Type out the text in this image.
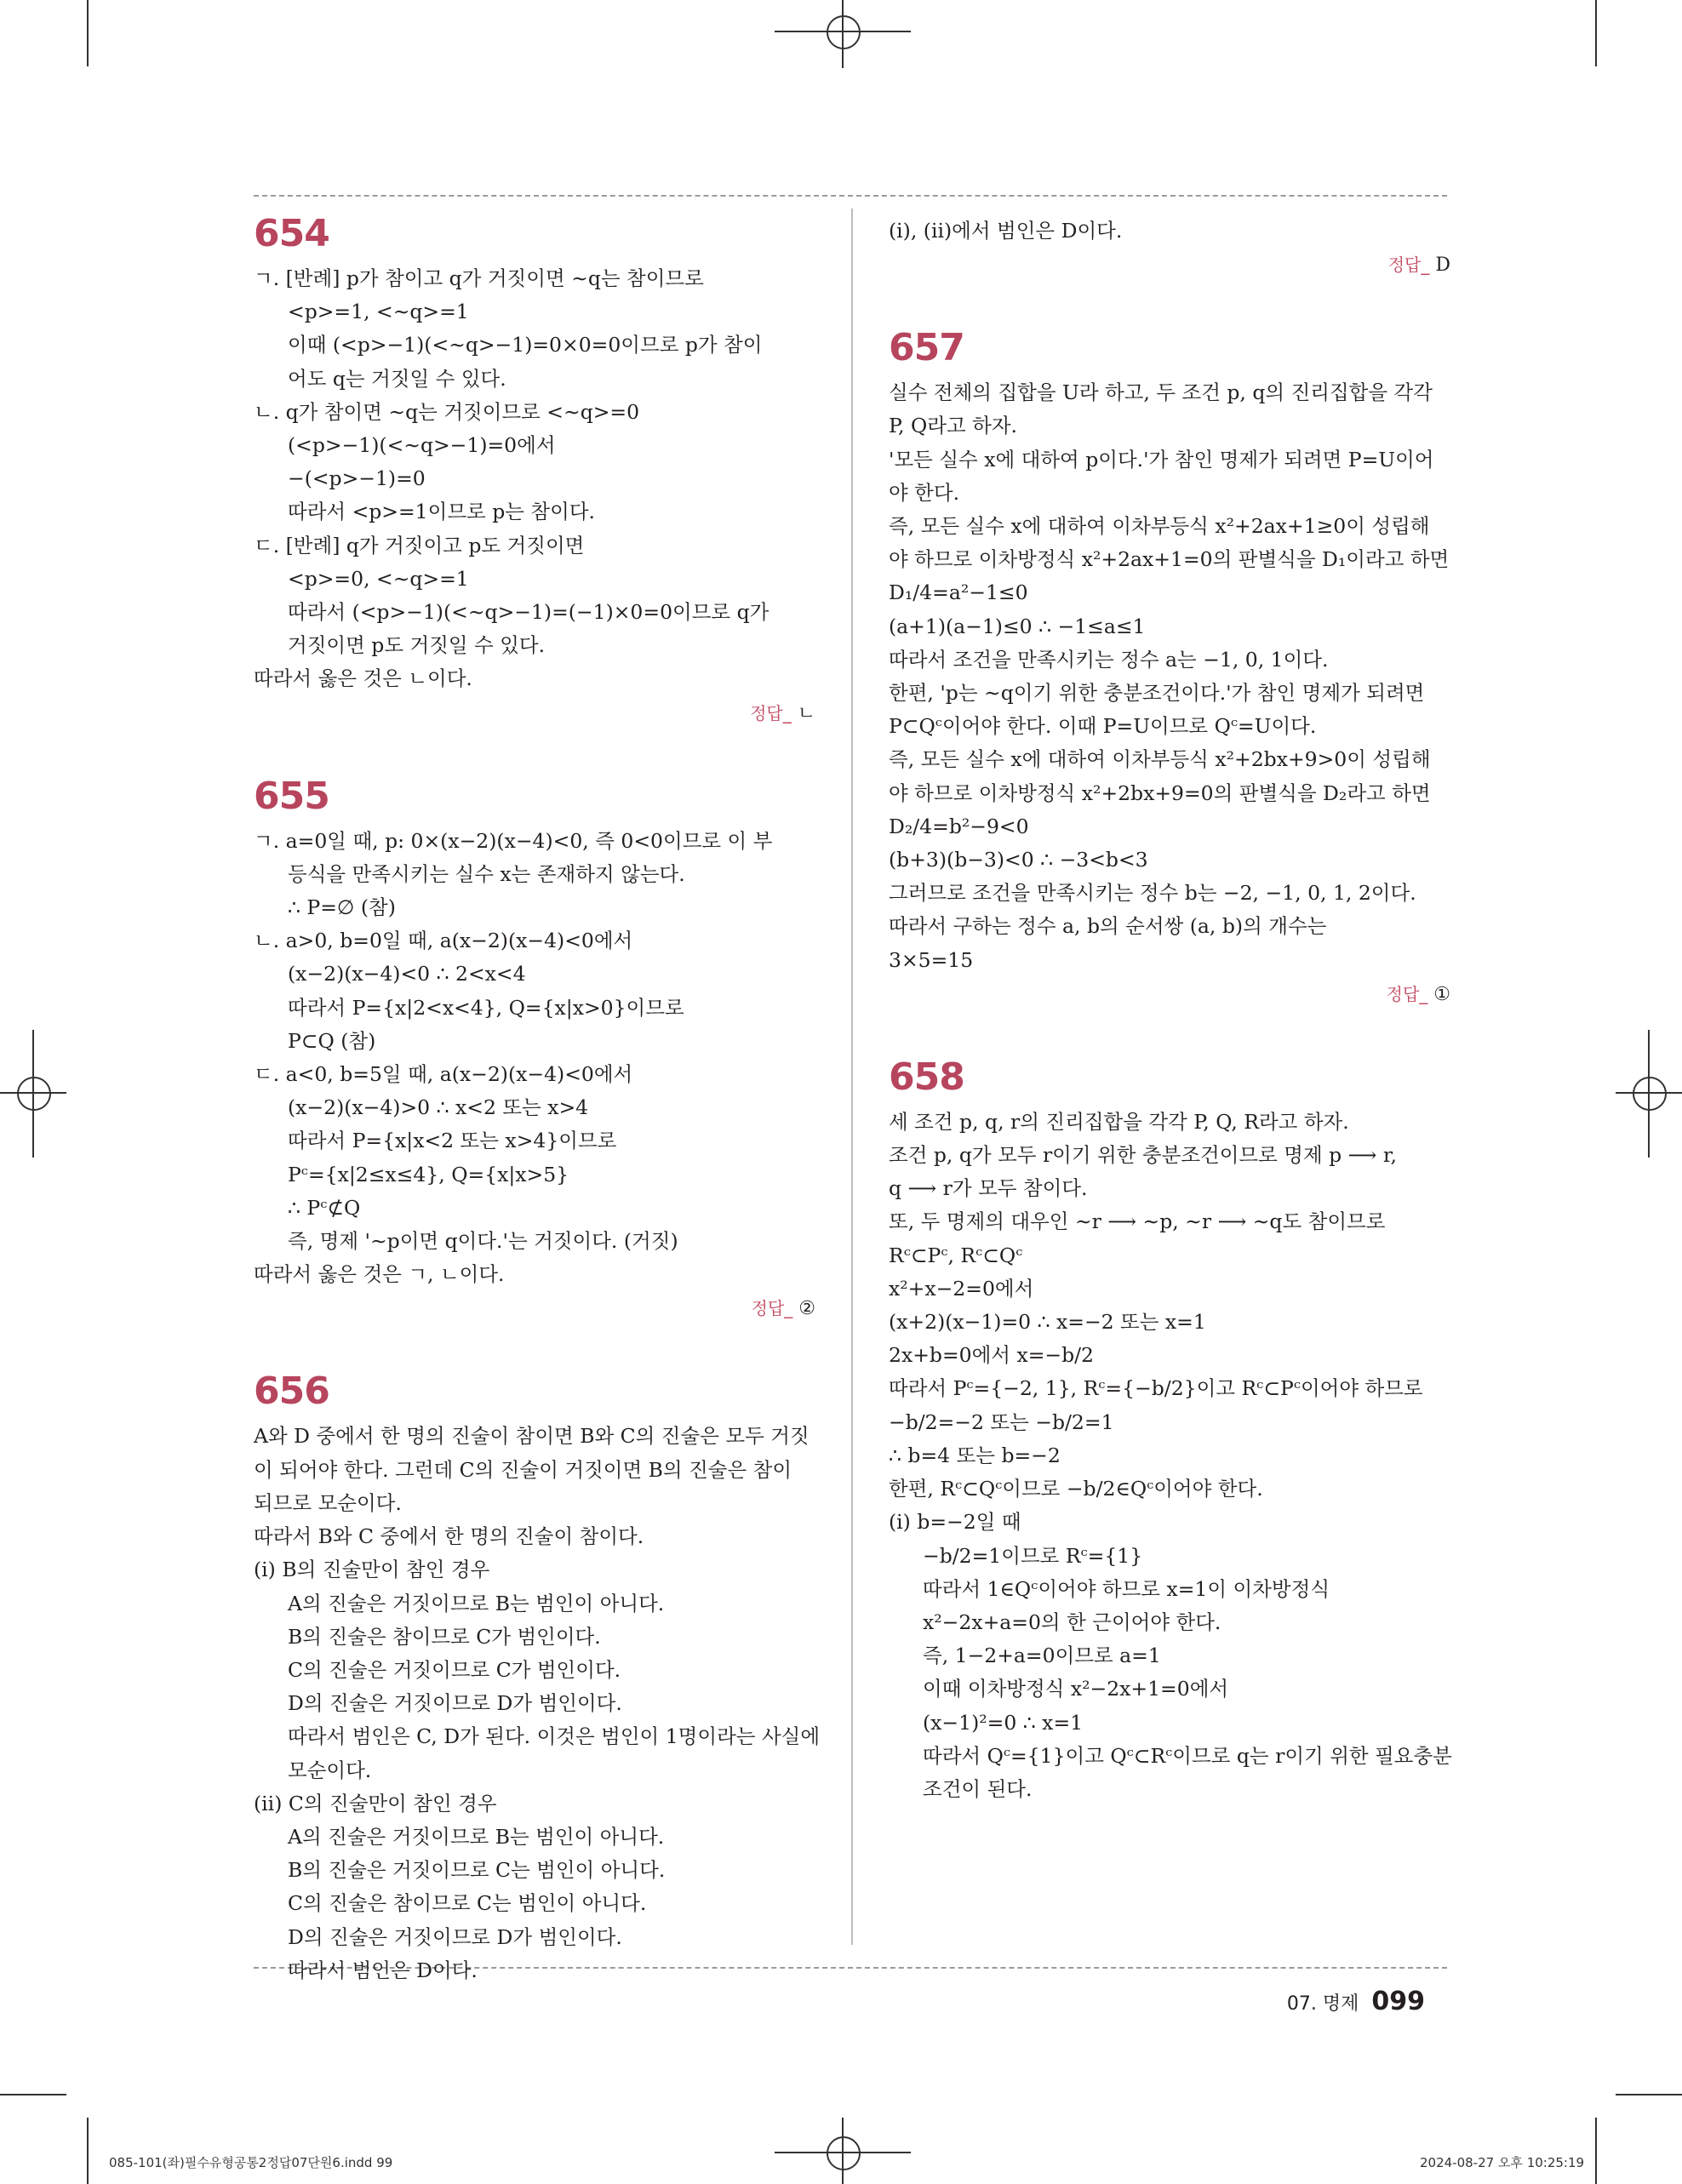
654

ㄱ. [반례] p가 참이고 q가 거짓이면 ∼q는 참이므로

<p>=1, <∼q>=1

이때 (<p>−1)(<∼q>−1)=0×0=0이므로 p가 참이

어도 q는 거짓일 수 있다.

ㄴ. q가 참이면 ∼q는 거짓이므로 <∼q>=0

(<p>−1)(<∼q>−1)=0에서

−(<p>−1)=0

따라서 <p>=1이므로 p는 참이다.

ㄷ. [반례] q가 거짓이고 p도 거짓이면

<p>=0, <∼q>=1

따라서 (<p>−1)(<∼q>−1)=(−1)×0=0이므로 q가

거짓이면 p도 거짓일 수 있다.

따라서 옳은 것은 ㄴ이다.

정답_ ㄴ
655

ㄱ. a=0일 때, p: 0×(x−2)(x−4)<0, 즉 0<0이므로 이 부

등식을 만족시키는 실수 x는 존재하지 않는다.

∴ P=∅ (참)

ㄴ. a>0, b=0일 때, a(x−2)(x−4)<0에서

(x−2)(x−4)<0 ∴ 2<x<4

따라서 P={x|2<x<4}, Q={x|x>0}이므로

P⊂Q (참)

ㄷ. a<0, b=5일 때, a(x−2)(x−4)<0에서

(x−2)(x−4)>0 ∴ x<2 또는 x>4

따라서 P={x|x<2 또는 x>4}이므로

Pᶜ={x|2≤x≤4}, Q={x|x>5}

∴ Pᶜ⊄Q

즉, 명제 '∼p이면 q이다.'는 거짓이다. (거짓)

따라서 옳은 것은 ㄱ, ㄴ이다.

정답_ ②
656

A와 D 중에서 한 명의 진술이 참이면 B와 C의 진술은 모두 거짓

이 되어야 한다. 그런데 C의 진술이 거짓이면 B의 진술은 참이

되므로 모순이다.

따라서 B와 C 중에서 한 명의 진술이 참이다.

(ⅰ) B의 진술만이 참인 경우

A의 진술은 거짓이므로 B는 범인이 아니다.

B의 진술은 참이므로 C가 범인이다.

C의 진술은 거짓이므로 C가 범인이다.

D의 진술은 거짓이므로 D가 범인이다.

따라서 범인은 C, D가 된다. 이것은 범인이 1명이라는 사실에

모순이다.

(ⅱ) C의 진술만이 참인 경우

A의 진술은 거짓이므로 B는 범인이 아니다.

B의 진술은 거짓이므로 C는 범인이 아니다.

C의 진술은 참이므로 C는 범인이 아니다.

D의 진술은 거짓이므로 D가 범인이다.

따라서 범인은 D이다.

(ⅰ), (ⅱ)에서 범인은 D이다.

정답_ D
657

실수 전체의 집합을 U라 하고, 두 조건 p, q의 진리집합을 각각

P, Q라고 하자.

'모든 실수 x에 대하여 p이다.'가 참인 명제가 되려면 P=U이어

야 한다.

즉, 모든 실수 x에 대하여 이차부등식 x²+2ax+1≥0이 성립해

야 하므로 이차방정식 x²+2ax+1=0의 판별식을 D₁이라고 하면

D₁/4=a²−1≤0

(a+1)(a−1)≤0 ∴ −1≤a≤1

따라서 조건을 만족시키는 정수 a는 −1, 0, 1이다.

한편, 'p는 ∼q이기 위한 충분조건이다.'가 참인 명제가 되려면

P⊂Qᶜ이어야 한다. 이때 P=U이므로 Qᶜ=U이다.

즉, 모든 실수 x에 대하여 이차부등식 x²+2bx+9>0이 성립해

야 하므로 이차방정식 x²+2bx+9=0의 판별식을 D₂라고 하면

D₂/4=b²−9<0

(b+3)(b−3)<0 ∴ −3<b<3

그러므로 조건을 만족시키는 정수 b는 −2, −1, 0, 1, 2이다.

따라서 구하는 정수 a, b의 순서쌍 (a, b)의 개수는

3×5=15

정답_ ①
658

세 조건 p, q, r의 진리집합을 각각 P, Q, R라고 하자.

조건 p, q가 모두 r이기 위한 충분조건이므로 명제 p ⟶ r,

q ⟶ r가 모두 참이다.

또, 두 명제의 대우인 ∼r ⟶ ∼p, ∼r ⟶ ∼q도 참이므로

Rᶜ⊂Pᶜ, Rᶜ⊂Qᶜ

x²+x−2=0에서

(x+2)(x−1)=0 ∴ x=−2 또는 x=1

2x+b=0에서 x=−b/2

따라서 Pᶜ={−2, 1}, Rᶜ={−b/2}이고 Rᶜ⊂Pᶜ이어야 하므로

−b/2=−2 또는 −b/2=1

∴ b=4 또는 b=−2

한편, Rᶜ⊂Qᶜ이므로 −b/2∈Qᶜ이어야 한다.

(ⅰ) b=−2일 때

−b/2=1이므로 Rᶜ={1}

따라서 1∈Qᶜ이어야 하므로 x=1이 이차방정식

x²−2x+a=0의 한 근이어야 한다.

즉, 1−2+a=0이므로 a=1

이때 이차방정식 x²−2x+1=0에서

(x−1)²=0 ∴ x=1

따라서 Qᶜ={1}이고 Qᶜ⊂Rᶜ이므로 q는 r이기 위한 필요충분

조건이 된다.

07. 명제 099
085-101(좌)필수유형공통2정답07단원6.indd 99	2024-08-27 오후 10:25:19
